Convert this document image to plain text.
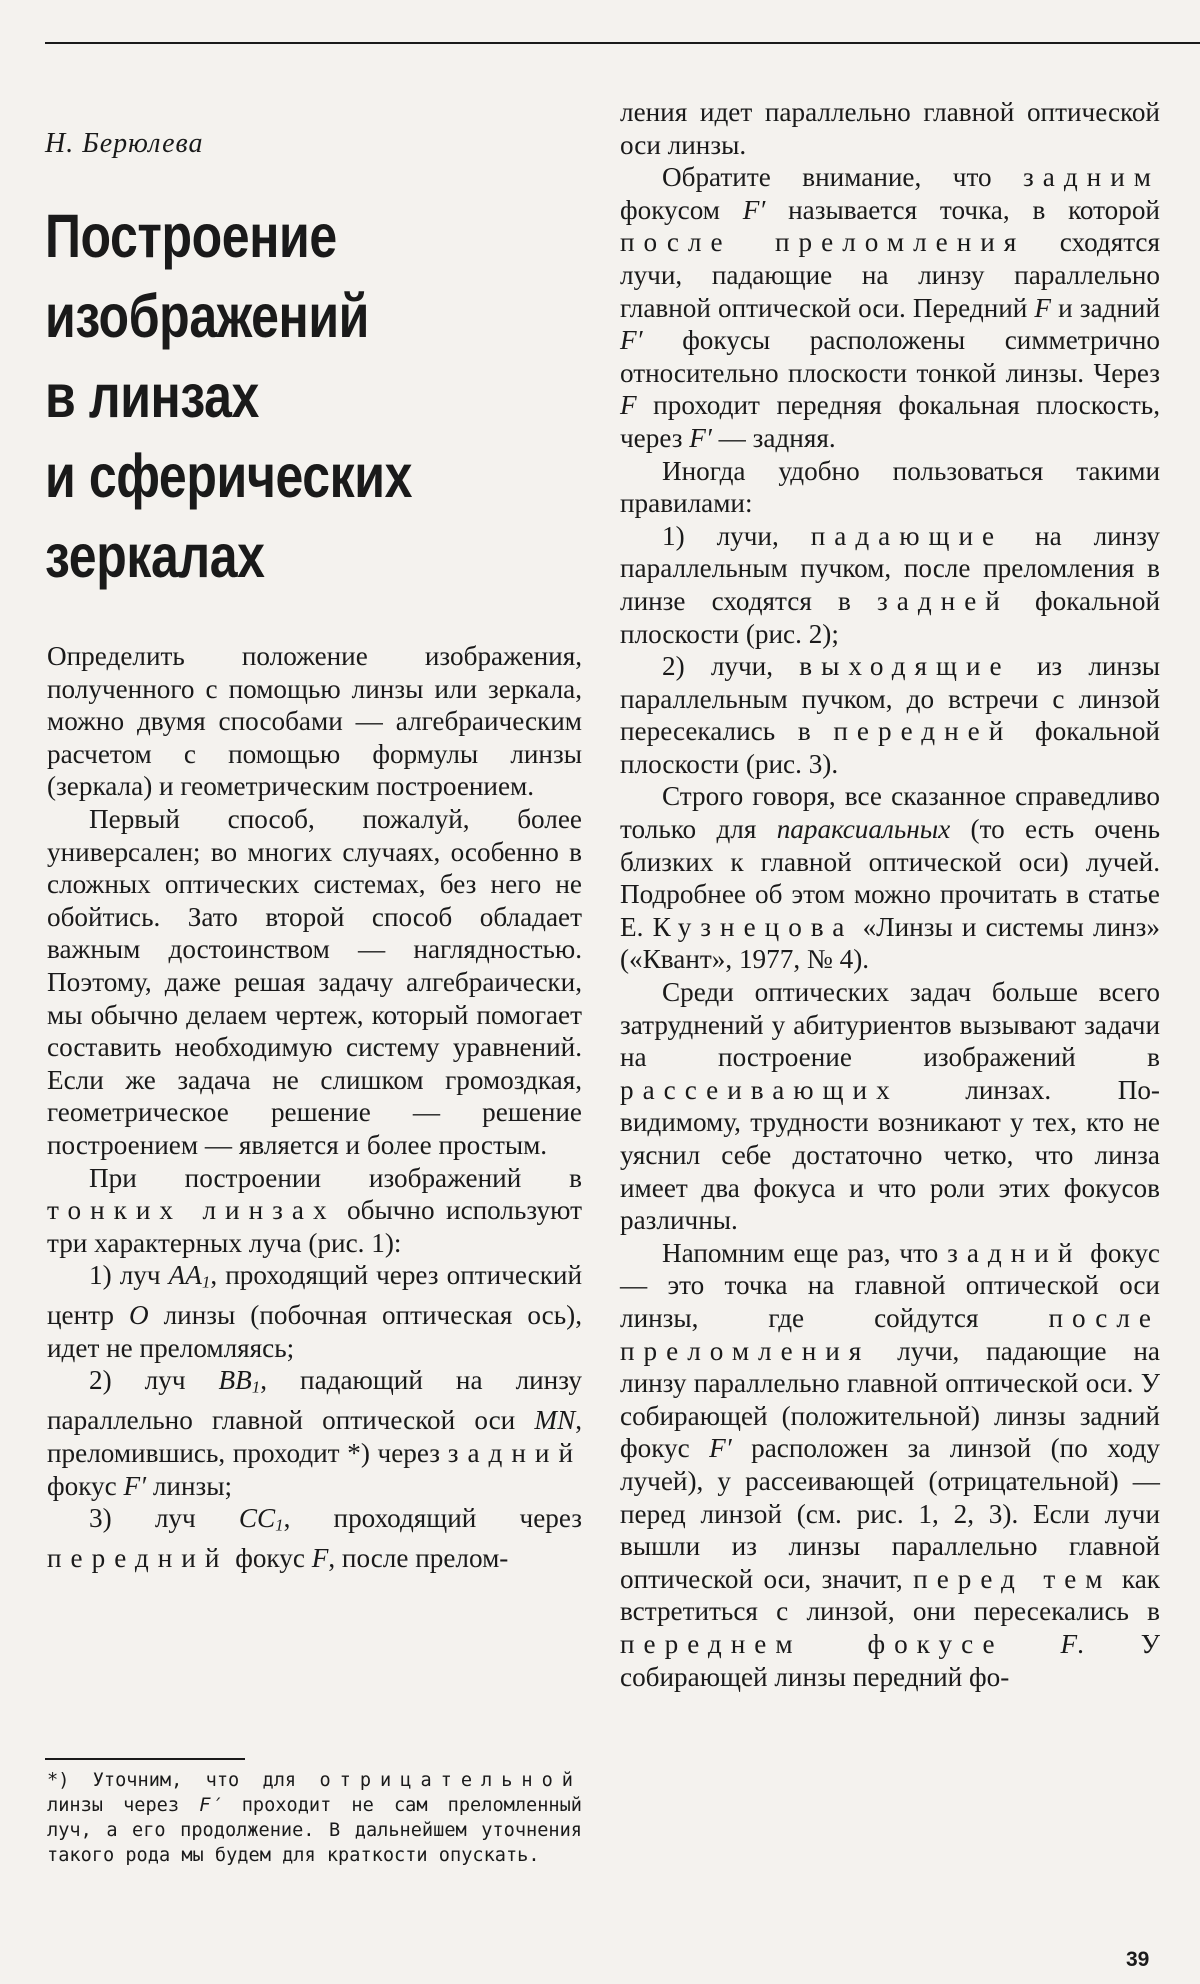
Н. Берюлева
Построение
изображений
в линзах
и сферических
зеркалах

Определить положение изображения, полученного с помощью линзы или зеркала, можно двумя способами — алгебраическим расчетом с помощью формулы линзы (зеркала) и геометрическим построением.

Первый способ, пожалуй, более универсален; во многих случаях, особенно в сложных оптических системах, без него не обойтись. Зато второй способ обладает важным достоинством — наглядностью. Поэтому, даже решая задачу алгебраически, мы обычно делаем чертеж, который помогает составить необходимую систему уравнений. Если же задача не слишком громоздкая, геометрическое решение — решение построением — является и более простым.

При построении изображений в тонких линзах обычно используют три характерных луча (рис. 1):

1) луч $AA_1$, проходящий через оптический центр O линзы (побочная оптическая ось), идет не преломляясь;

2) луч $BB_1$, падающий на линзу параллельно главной оптической оси MN, преломившись, проходит *) через задний фокус F′ линзы;

3) луч $CC_1$, проходящий через передний фокус F, после прелом-

*) Уточним, что для отрицательной линзы через F′ проходит не сам преломленный луч, а его продолжение. В дальнейшем уточнения такого рода мы будем для краткости опускать.

ления идет параллельно главной оптической оси линзы.

Обратите внимание, что задним фокусом F′ называется точка, в которой после преломления сходятся лучи, падающие на линзу параллельно главной оптической оси. Передний F и задний F′ фокусы расположены симметрично относительно плоскости тонкой линзы. Через F проходит передняя фокальная плоскость, через F′ — задняя.

Иногда удобно пользоваться такими правилами:

1) лучи, падающие на линзу параллельным пучком, после преломления в линзе сходятся в задней фокальной плоскости (рис. 2);

2) лучи, выходящие из линзы параллельным пучком, до встречи с линзой пересекались в передней фокальной плоскости (рис. 3).

Строго говоря, все сказанное справедливо только для параксиальных (то есть очень близких к главной оптической оси) лучей. Подробнее об этом можно прочитать в статье Е. Кузнецова «Линзы и системы линз» («Квант», 1977, № 4).

Среди оптических задач больше всего затруднений у абитуриентов вызывают задачи на построение изображений в рассеивающих линзах. По-видимому, трудности возникают у тех, кто не уяснил себе достаточно четко, что линза имеет два фокуса и что роли этих фокусов различны.

Напомним еще раз, что задний фокус — это точка на главной оптической оси линзы, где сойдутся после преломления лучи, падающие на линзу параллельно главной оптической оси. У собирающей (положительной) линзы задний фокус F′ расположен за линзой (по ходу лучей), у рассеивающей (отрицательной) — перед линзой (см. рис. 1, 2, 3). Если лучи вышли из линзы параллельно главной оптической оси, значит, перед тем как встретиться с линзой, они пересекались в переднем фокусе F. У собирающей линзы передний фо-

39
